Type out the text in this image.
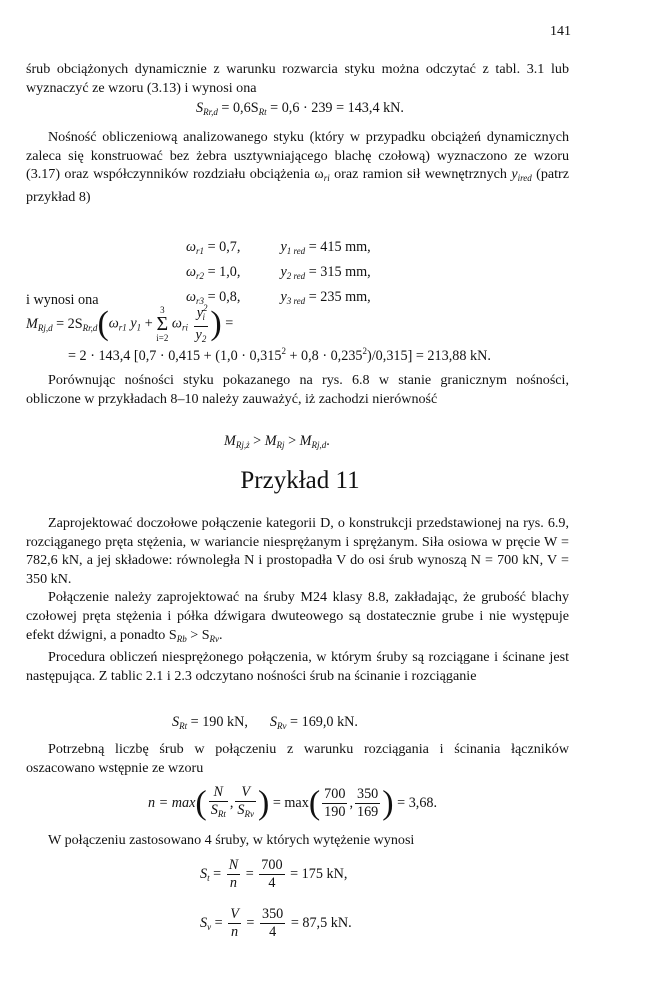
141

śrub obciążonych dynamicznie z warunku rozwarcia styku można odczytać z tabl. 3.1 lub wyznaczyć ze wzoru (3.13) i wynosi ona

$S_{Rr,d} = 0,6S_{Rt} = 0,6 \cdot 239 = 143,4$ kN.

Nośność obliczeniową analizowanego styku (który w przypadku obciążeń dynamicznych zaleca się konstruować bez żebra usztywniającego blachę czołową) wyznaczono ze wzoru (3.17) oraz współczynników rozdziału obciążenia $\omega_{ri}$ oraz ramion sił wewnętrznych $y_{ired}$ (patrz przykład 8)

$\omega_{r1} = 0,7$,	$y_{1 red} = 415$ mm,
$\omega_{r2} = 1,0$,	$y_{2 red} = 315$ mm,
$\omega_{r3} = 0,8$,	$y_{3 red} = 235$ mm,
i wynosi ona
$M_{Rj,d} = 2S_{Rr,d}(\omega_{r1}$ $y_1$ +
3
Σ
i=2
$\omega_{ri} \frac{y^2_i}{y_2}$ ) =
= 2 · 143,4 $[0,7 \cdot 0,415 + (1,0 \cdot 0,315^2 + 0,8 \cdot 0,235^2)/0,315] = 213,88$ kN.

Porównując nośności styku pokazanego na rys. 6.8 w stanie granicznym nośności, obliczone w przykładach 8–10 należy zauważyć, iż zachodzi nierówność

$M_{Rj,ż} > M_{Rj} > M_{Rj,d}$.
Przykład 11

Zaprojektować doczołowe połączenie kategorii D, o konstrukcji przedstawionej na rys. 6.9, rozciąganego pręta stężenia, w wariancie niesprężanym i sprężanym. Siła osiowa w pręcie W = 782,6 kN, a jej składowe: równoległa N i prostopadła V do osi śrub wynoszą N = 700 kN, V = 350 kN.

Połączenie należy zaprojektować na śruby M24 klasy 8.8, zakładając, że grubość blachy czołowej pręta stężenia i półka dźwigara dwuteowego są dostatecznie grube i nie występuje efekt dźwigni, a ponadto $S_{Rb} > S_{Rv}$.

Procedura obliczeń niesprężonego połączenia, w którym śruby są rozciągane i ścinane jest następująca. Z tablic 2.1 i 2.3 odczytano nośności śrub na ścinanie i rozciąganie

$S_{Rt} = 190$ kN, $S_{Rv} = 169,0$ kN.

Potrzebną liczbę śrub w połączeniu z warunku rozciągania i ścinania łączników oszacowano wstępnie ze wzoru

$n = \max( \frac{N}{S_{Rt}}$ , $\frac{V}{S_{Rv}}$ ) = $\max( \frac{700}{190}$ , $\frac{350}{169}$ ) = 3,68.

W połączeniu zastosowano 4 śruby, w których wytężenie wynosi

$S_t = \frac{N}{n} = \frac{700}{4} = 175$ kN,
$S_v = \frac{V}{n} = \frac{350}{4} = 87,5$ kN.
